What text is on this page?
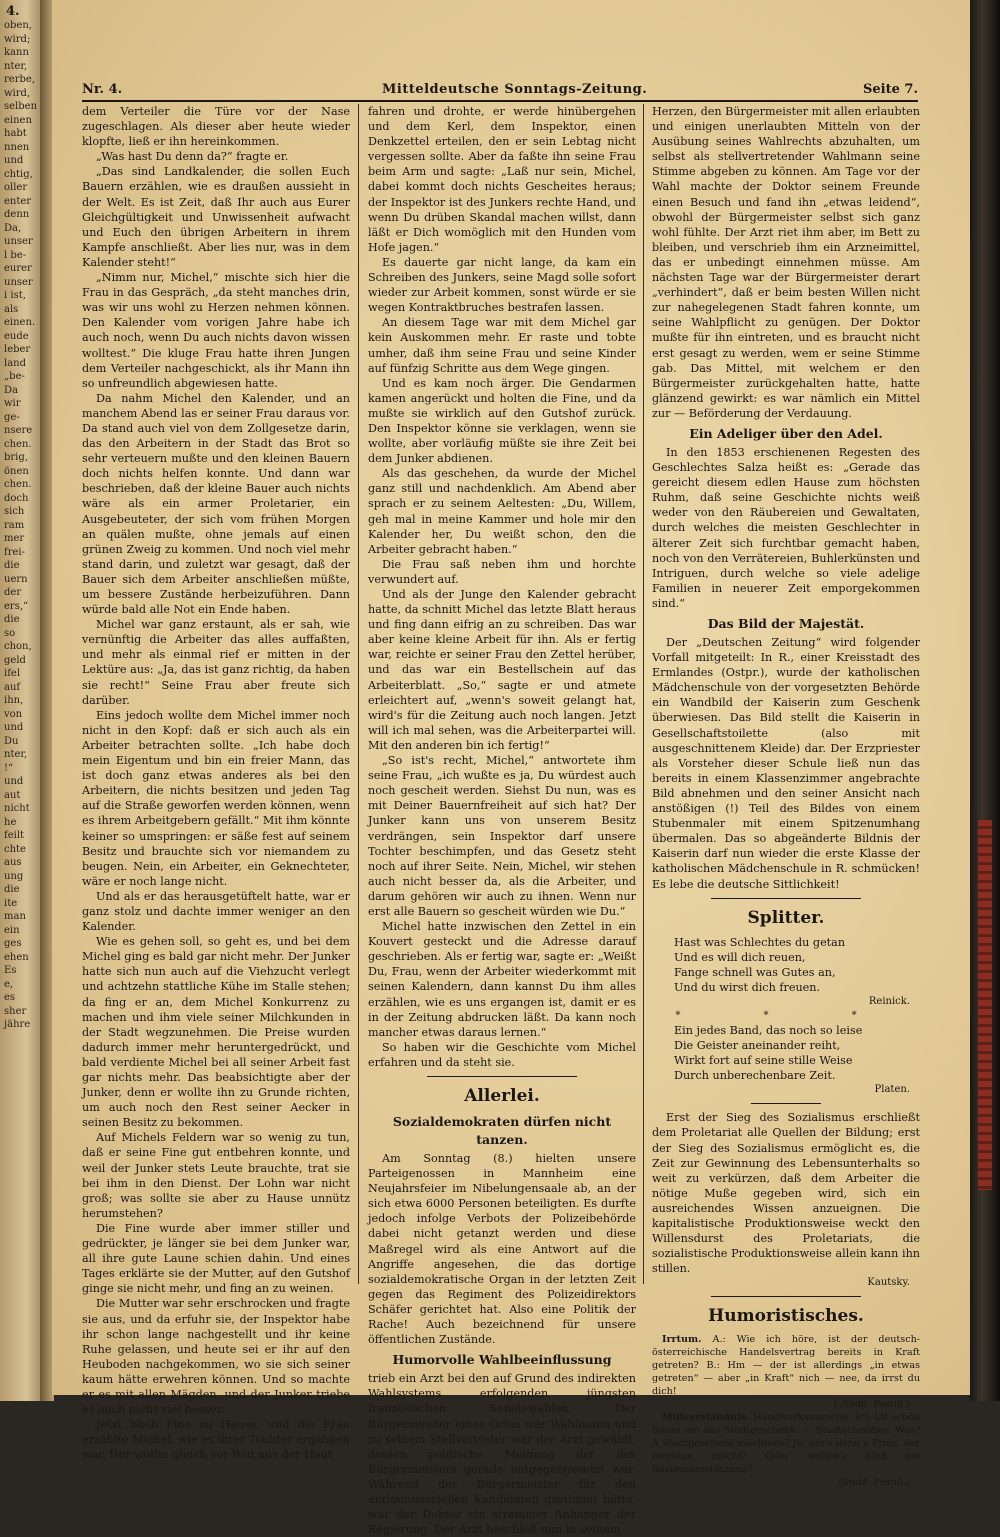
4.
oben,
wird;
kann
nter,
rerbe,
wird,
selben
einen
habt
nnen
und
chtig,
oller
enter
denn
Da,
unser
l be-
eurer
unser
i ist,
als
einen.
eude
leber
land
„be-
Da
wir
ge-
nsere
chen.
brig,
önen
chen.
doch
sich
ram
mer
frei-
die
uern
der
ers,“
die
so
chon,
geld
ifel
auf
ihn,
von
und
Du
nter,
!“
und
aut
nicht
he
feilt
chte
aus
ung
die
ite
man
ein
ges
ehen
Es
e,
es
sher
jähre
Nr. 4.	Mitteldeutsche Sonntags-Zeitung.	Seite 7.

dem Verteiler die Türe vor der Nase zugeschlagen. Als dieser aber heute wieder klopfte, ließ er ihn hereinkommen.

„Was hast Du denn da?“ fragte er.

„Das sind Landkalender, die sollen Euch Bauern erzählen, wie es draußen aussieht in der Welt. Es ist Zeit, daß Ihr auch aus Eurer Gleichgültigkeit und Unwissenheit aufwacht und Euch den übrigen Arbeitern in ihrem Kampfe anschließt. Aber lies nur, was in dem Kalender steht!“

„Nimm nur, Michel,“ mischte sich hier die Frau in das Gespräch, „da steht manches drin, was wir uns wohl zu Herzen nehmen können. Den Kalender vom vorigen Jahre habe ich auch noch, wenn Du auch nichts davon wissen wolltest.“ Die kluge Frau hatte ihren Jungen dem Verteiler nachgeschickt, als ihr Mann ihn so unfreundlich abgewiesen hatte.

Da nahm Michel den Kalender, und an manchem Abend las er seiner Frau daraus vor. Da stand auch viel von dem Zollgesetze darin, das den Arbeitern in der Stadt das Brot so sehr verteuern mußte und den kleinen Bauern doch nichts helfen konnte. Und dann war beschrieben, daß der kleine Bauer auch nichts wäre als ein armer Proletarier, ein Ausgebeuteter, der sich vom frühen Morgen an quälen mußte, ohne jemals auf einen grünen Zweig zu kommen. Und noch viel mehr stand darin, und zuletzt war gesagt, daß der Bauer sich dem Arbeiter anschließen müßte, um bessere Zustände herbeizuführen. Dann würde bald alle Not ein Ende haben.

Michel war ganz erstaunt, als er sah, wie vernünftig die Arbeiter das alles auffaßten, und mehr als einmal rief er mitten in der Lektüre aus: „Ja, das ist ganz richtig, da haben sie recht!“ Seine Frau aber freute sich darüber.

Eins jedoch wollte dem Michel immer noch nicht in den Kopf: daß er sich auch als ein Arbeiter betrachten sollte. „Ich habe doch mein Eigentum und bin ein freier Mann, das ist doch ganz etwas anderes als bei den Arbeitern, die nichts besitzen und jeden Tag auf die Straße geworfen werden können, wenn es ihrem Arbeitgebern gefällt.“ Mit ihm könnte keiner so umspringen: er säße fest auf seinem Besitz und brauchte sich vor niemandem zu beugen. Nein, ein Arbeiter, ein Geknechteter, wäre er noch lange nicht.

Und als er das herausgetüftelt hatte, war er ganz stolz und dachte immer weniger an den Kalender.

Wie es gehen soll, so geht es, und bei dem Michel ging es bald gar nicht mehr. Der Junker hatte sich nun auch auf die Viehzucht verlegt und achtzehn stattliche Kühe im Stalle stehen; da fing er an, dem Michel Konkurrenz zu machen und ihm viele seiner Milchkunden in der Stadt wegzunehmen. Die Preise wurden dadurch immer mehr heruntergedrückt, und bald verdiente Michel bei all seiner Arbeit fast gar nichts mehr. Das beabsichtigte aber der Junker, denn er wollte ihn zu Grunde richten, um auch noch den Rest seiner Aecker in seinen Besitz zu bekommen.

Auf Michels Feldern war so wenig zu tun, daß er seine Fine gut entbehren konnte, und weil der Junker stets Leute brauchte, trat sie bei ihm in den Dienst. Der Lohn war nicht groß; was sollte sie aber zu Hause unnütz herumstehen?

Die Fine wurde aber immer stiller und gedrückter, je länger sie bei dem Junker war, all ihre gute Laune schien dahin. Und eines Tages erklärte sie der Mutter, auf den Gutshof ginge sie nicht mehr, und fing an zu weinen.

Die Mutter war sehr erschrocken und fragte sie aus, und da erfuhr sie, der Inspektor habe ihr schon lange nachgestellt und ihr keine Ruhe gelassen, und heute sei er ihr auf den Heuboden nachgekommen, wo sie sich seiner kaum hätte erwehren können. Und so machte er es mit allen Mägden, und der Junker triebe es auch nicht viel besser.

Jetzt blieb Fine zu Hause, und die Frau erzählte Michel, wie es ihrer Tochter ergangen war. Der wollte gleich vor Wut aus der Haut

fahren und drohte, er werde hinübergehen und dem Kerl, dem Inspektor, einen Denkzettel erteilen, den er sein Lebtag nicht vergessen sollte. Aber da faßte ihn seine Frau beim Arm und sagte: „Laß nur sein, Michel, dabei kommt doch nichts Gescheites heraus; der Inspektor ist des Junkers rechte Hand, und wenn Du drüben Skandal machen willst, dann läßt er Dich womöglich mit den Hunden vom Hofe jagen.“

Es dauerte gar nicht lange, da kam ein Schreiben des Junkers, seine Magd solle sofort wieder zur Arbeit kommen, sonst würde er sie wegen Kontraktbruches bestrafen lassen.

An diesem Tage war mit dem Michel gar kein Auskommen mehr. Er raste und tobte umher, daß ihm seine Frau und seine Kinder auf fünfzig Schritte aus dem Wege gingen.

Und es kam noch ärger. Die Gendarmen kamen angerückt und holten die Fine, und da mußte sie wirklich auf den Gutshof zurück. Den Inspektor könne sie verklagen, wenn sie wollte, aber vorläufig müßte sie ihre Zeit bei dem Junker abdienen.

Als das geschehen, da wurde der Michel ganz still und nachdenklich. Am Abend aber sprach er zu seinem Aeltesten: „Du, Willem, geh mal in meine Kammer und hole mir den Kalender her, Du weißt schon, den die Arbeiter gebracht haben.“

Die Frau saß neben ihm und horchte verwundert auf.

Und als der Junge den Kalender gebracht hatte, da schnitt Michel das letzte Blatt heraus und fing dann eifrig an zu schreiben. Das war aber keine kleine Arbeit für ihn. Als er fertig war, reichte er seiner Frau den Zettel herüber, und das war ein Bestellschein auf das Arbeiterblatt. „So,“ sagte er und atmete erleichtert auf, „wenn's soweit gelangt hat, wird's für die Zeitung auch noch langen. Jetzt will ich mal sehen, was die Arbeiterpartei will. Mit den anderen bin ich fertig!“

„So ist's recht, Michel,“ antwortete ihm seine Frau, „ich wußte es ja, Du würdest auch noch gescheit werden. Siehst Du nun, was es mit Deiner Bauernfreiheit auf sich hat? Der Junker kann uns von unserem Besitz verdrängen, sein Inspektor darf unsere Tochter beschimpfen, und das Gesetz steht noch auf ihrer Seite. Nein, Michel, wir stehen auch nicht besser da, als die Arbeiter, und darum gehören wir auch zu ihnen. Wenn nur erst alle Bauern so gescheit würden wie Du.“

Michel hatte inzwischen den Zettel in ein Kouvert gesteckt und die Adresse darauf geschrieben. Als er fertig war, sagte er: „Weißt Du, Frau, wenn der Arbeiter wiederkommt mit seinen Kalendern, dann kannst Du ihm alles erzählen, wie es uns ergangen ist, damit er es in der Zeitung abdrucken läßt. Da kann noch mancher etwas daraus lernen.“

So haben wir die Geschichte vom Michel erfahren und da steht sie.

Allerlei.
Sozialdemokraten dürfen nicht tanzen.

Am Sonntag (8.) hielten unsere Parteigenossen in Mannheim eine Neujahrsfeier im Nibelungensaale ab, an der sich etwa 6000 Personen beteiligten. Es durfte jedoch infolge Verbots der Polizeibehörde dabei nicht getanzt werden und diese Maßregel wird als eine Antwort auf die Angriffe angesehen, die das dortige sozialdemokratische Organ in der letzten Zeit gegen das Regiment des Polizeidirektors Schäfer gerichtet hat. Also eine Politik der Rache! Auch bezeichnend für unsere öffentlichen Zustände.

Humorvolle Wahlbeeinflussung

trieb ein Arzt bei den auf Grund des indirekten Wahlsystems erfolgenden jüngsten französischen Senatswahlen. Der Bürgermeister eines Ortes war Wahlmann und zu seinem Stellvertreter war der Arzt gewählt, dessen politische Meinung der des Bürgermeisters gerade entgegengesetzt war. Während der Bürgermeister für den antiministeriellen Kandidaten gestimmt hätte, war der Doktor ein strammer Anhänger der Regierung. Der Arzt beschloß nun in seinem

Herzen, den Bürgermeister mit allen erlaubten und einigen unerlaubten Mitteln von der Ausübung seines Wahlrechts abzuhalten, um selbst als stellvertretender Wahlmann seine Stimme abgeben zu können. Am Tage vor der Wahl machte der Doktor seinem Freunde einen Besuch und fand ihn „etwas leidend“, obwohl der Bürgermeister selbst sich ganz wohl fühlte. Der Arzt riet ihm aber, im Bett zu bleiben, und verschrieb ihm ein Arzneimittel, das er unbedingt einnehmen müsse. Am nächsten Tage war der Bürgermeister derart „verhindert“, daß er beim besten Willen nicht zur nahegelegenen Stadt fahren konnte, um seine Wahlpflicht zu genügen. Der Doktor mußte für ihn eintreten, und es braucht nicht erst gesagt zu werden, wem er seine Stimme gab. Das Mittel, mit welchem er den Bürgermeister zurückgehalten hatte, hatte glänzend gewirkt: es war nämlich ein Mittel zur — Beförderung der Verdauung.

Ein Adeliger über den Adel.

In den 1853 erschienenen Regesten des Geschlechtes Salza heißt es: „Gerade das gereicht diesem edlen Hause zum höchsten Ruhm, daß seine Geschichte nichts weiß weder von den Räubereien und Gewaltaten, durch welches die meisten Geschlechter in älterer Zeit sich furchtbar gemacht haben, noch von den Verrätereien, Buhlerkünsten und Intriguen, durch welche so viele adelige Familien in neuerer Zeit emporgekommen sind.“

Das Bild der Majestät.

Der „Deutschen Zeitung“ wird folgender Vorfall mitgeteilt: In R., einer Kreisstadt des Ermlandes (Ostpr.), wurde der katholischen Mädchenschule von der vorgesetzten Behörde ein Wandbild der Kaiserin zum Geschenk überwiesen. Das Bild stellt die Kaiserin in Gesellschaftstoilette (also mit ausgeschnittenem Kleide) dar. Der Erzpriester als Vorsteher dieser Schule ließ nun das bereits in einem Klassenzimmer angebrachte Bild abnehmen und den seiner Ansicht nach anstößigen (!) Teil des Bildes von einem Stubenmaler mit einem Spitzenumhang übermalen. Das so abgeänderte Bildnis der Kaiserin darf nun wieder die erste Klasse der katholischen Mädchenschule in R. schmücken! Es lebe die deutsche Sittlichkeit!

Splitter.
Hast was Schlechtes du getan
Und es will dich reuen,
Fange schnell was Gutes an,
Und du wirst dich freuen.
Reinick.
* * *
Ein jedes Band, das noch so leise
Die Geister aneinander reiht,
Wirkt fort auf seine stille Weise
Durch unberechenbare Zeit.
Platen.

Erst der Sieg des Sozialismus erschließt dem Proletariat alle Quellen der Bildung; erst der Sieg des Sozialismus ermöglicht es, die Zeit zur Gewinnung des Lebensunterhalts so weit zu verkürzen, daß dem Arbeiter die nötige Muße gegeben wird, sich ein ausreichendes Wissen anzueignen. Die kapitalistische Produktionsweise weckt den Willensdurst des Proletariats, die sozialistische Produktionsweise allein kann ihn stillen.

Kautsky.
Humoristisches.

Irrtum. A.: Wie ich höre, ist der deutsch-österreichische Handelsvertrag bereits in Kraft getreten? B.: Hm — der ist allerdings „in etwas getreten“ — aber „in Kraft“ nich — nee, da irrst du dich!

(„Südd. Postill.)

Mißverständnis. Handwerksbursche: Ich tät schön bitten um das Stadtgeschenk. — Stadtschreiber: Was? A Stadtgeschenk möchtens? Ja, san's denn a Prinz, der heiraten möcht? Oder wollen's bloß die Reiseunterstützung?

(Südd. Postill.)
